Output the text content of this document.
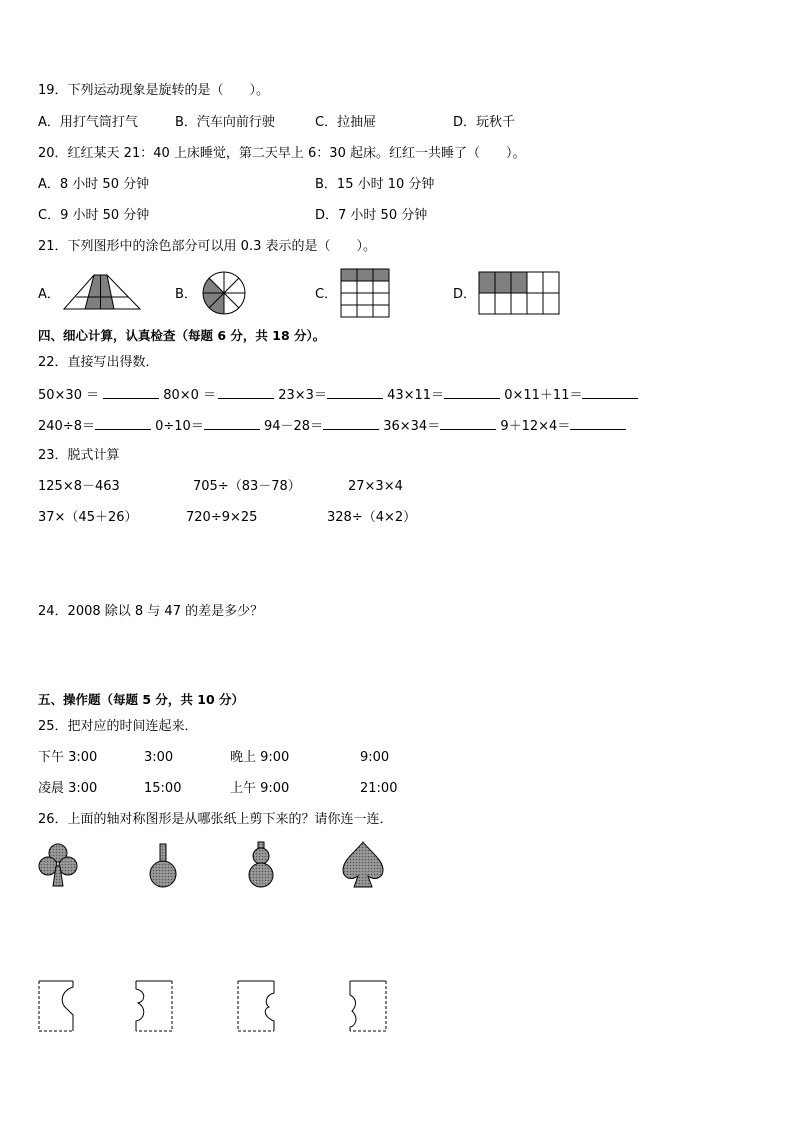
19．下列运动现象是旋转的是（　　）。
A．用打气筒打气	B．汽车向前行驶	C．拉抽屉	D．玩秋千
20．红红某天 21：40 上床睡觉，第二天早上 6：30 起床。红红一共睡了（　　）。
A．8 小时 50 分钟	B．15 小时 10 分钟
C．9 小时 50 分钟	D．7 小时 50 分钟
21．下列图形中的涂色部分可以用 0.3 表示的是（　　）。
A．	B．	C．	D．
四、细心计算，认真检查（每题 6 分，共 18 分）。
22．直接写出得数．
50×30 ＝	80×0 ＝	23×3＝	43×11＝	0×11＋11＝
240÷8＝	0÷10＝	94－28＝	36×34＝	9＋12×4＝
23．脱式计算
125×8－463	705÷（83－78）	27×3×4
37×（45＋26）	720÷9×25	328÷（4×2）
24．2008 除以 8 与 47 的差是多少？
五、操作题（每题 5 分，共 10 分）
25．把对应的时间连起来．
下午 3:00	3:00	晚上 9:00	9:00
凌晨 3:00	15:00	上午 9:00	21:00
26．上面的轴对称图形是从哪张纸上剪下来的？请你连一连．
